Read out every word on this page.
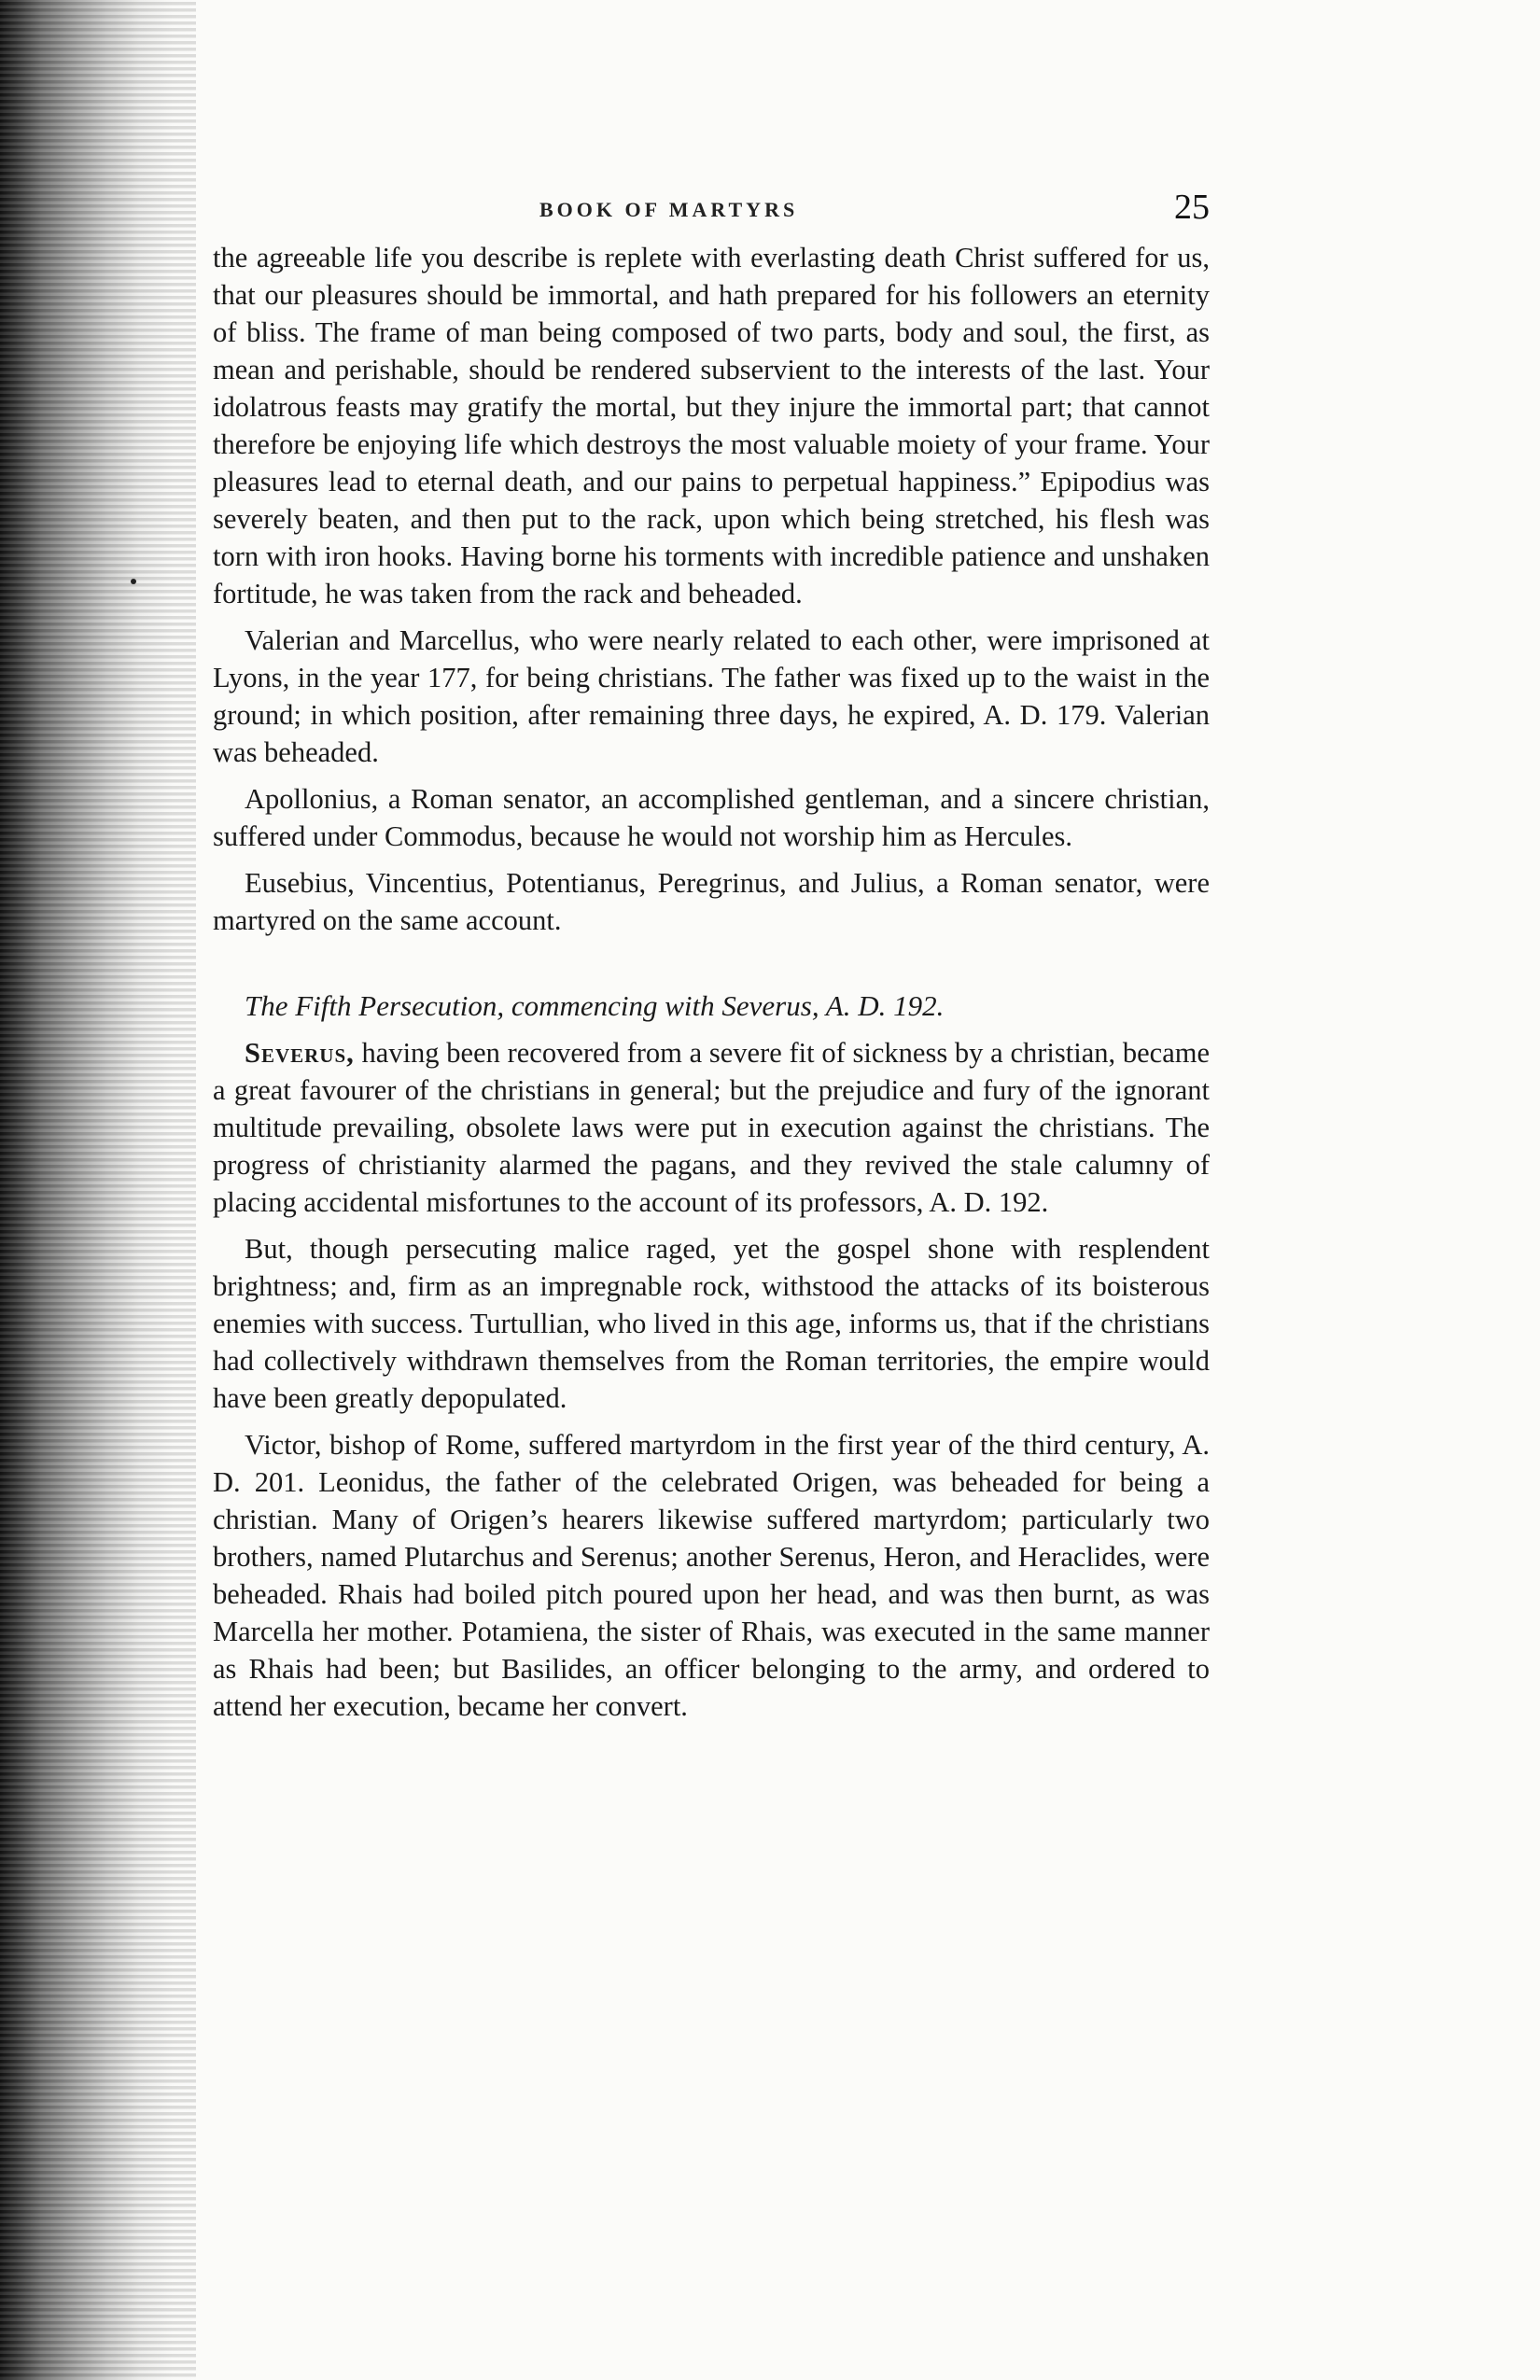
BOOK OF MARTYRS	25

the agreeable life you describe is replete with everlasting death Christ suffered for us, that our pleasures should be immortal, and hath prepared for his followers an eternity of bliss. The frame of man being composed of two parts, body and soul, the first, as mean and perishable, should be rendered subservient to the interests of the last. Your idolatrous feasts may gratify the mortal, but they injure the immortal part; that cannot therefore be enjoying life which destroys the most valuable moiety of your frame. Your pleasures lead to eternal death, and our pains to perpetual happiness.” Epipodius was severely beaten, and then put to the rack, upon which being stretched, his flesh was torn with iron hooks. Having borne his torments with incredible patience and unshaken fortitude, he was taken from the rack and beheaded.

Valerian and Marcellus, who were nearly related to each other, were imprisoned at Lyons, in the year 177, for being christians. The father was fixed up to the waist in the ground; in which position, after remaining three days, he expired, A. D. 179. Valerian was beheaded.

Apollonius, a Roman senator, an accomplished gentleman, and a sincere christian, suffered under Commodus, because he would not worship him as Hercules.

Eusebius, Vincentius, Potentianus, Peregrinus, and Julius, a Roman senator, were martyred on the same account.

The Fifth Persecution, commencing with Severus, A. D. 192.

Severus, having been recovered from a severe fit of sickness by a christian, became a great favourer of the christians in general; but the prejudice and fury of the ignorant multitude prevailing, obsolete laws were put in execution against the christians. The progress of christianity alarmed the pagans, and they revived the stale calumny of placing accidental misfortunes to the account of its professors, A. D. 192.

But, though persecuting malice raged, yet the gospel shone with resplendent brightness; and, firm as an impregnable rock, withstood the attacks of its boisterous enemies with success. Turtullian, who lived in this age, informs us, that if the christians had collectively withdrawn themselves from the Roman territories, the empire would have been greatly depopulated.

Victor, bishop of Rome, suffered martyrdom in the first year of the third century, A. D. 201. Leonidus, the father of the celebrated Origen, was beheaded for being a christian. Many of Origen’s hearers likewise suffered martyrdom; particularly two brothers, named Plutarchus and Serenus; another Serenus, Heron, and Heraclides, were beheaded. Rhais had boiled pitch poured upon her head, and was then burnt, as was Marcella her mother. Potamiena, the sister of Rhais, was executed in the same manner as Rhais had been; but Basilides, an officer belonging to the army, and ordered to attend her execution, became her convert.
